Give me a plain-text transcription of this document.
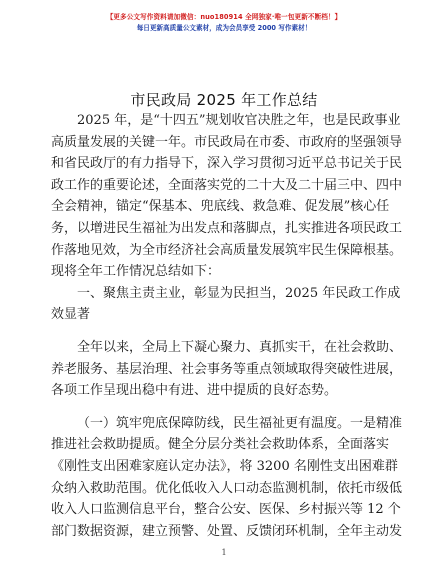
【更多公文写作资料请加微信：nuo180914 全网独家·唯一包更新不断档！】
每日更新高质量公文素材，成为会员享受 2000 写作素材！
市民政局 2025 年工作总结
2025 年，是“十四五”规划收官决胜之年，也是民政事业
高质量发展的关键一年。市民政局在市委、市政府的坚强领导
和省民政厅的有力指导下，深入学习贯彻习近平总书记关于民
政工作的重要论述，全面落实党的二十大及二十届三中、四中
全会精神，锚定“保基本、兜底线、救急难、促发展”核心任
务，以增进民生福祉为出发点和落脚点，扎实推进各项民政工
作落地见效，为全市经济社会高质量发展筑牢民生保障根基。
现将全年工作情况总结如下：
一、聚焦主责主业，彰显为民担当，2025 年民政工作成
效显著
全年以来，全局上下凝心聚力、真抓实干，在社会救助、
养老服务、基层治理、社会事务等重点领域取得突破性进展，
各项工作呈现出稳中有进、进中提质的良好态势。
（一）筑牢兜底保障防线，民生福祉更有温度。一是精准
推进社会救助提质。健全分层分类社会救助体系，全面落实
《刚性支出困难家庭认定办法》，将 3200 名刚性支出困难群
众纳入救助范围。优化低收入人口动态监测机制，依托市级低
收入人口监测信息平台，整合公安、医保、乡村振兴等 12 个
部门数据资源，建立预警、处置、反馈闭环机制，全年主动发
1
